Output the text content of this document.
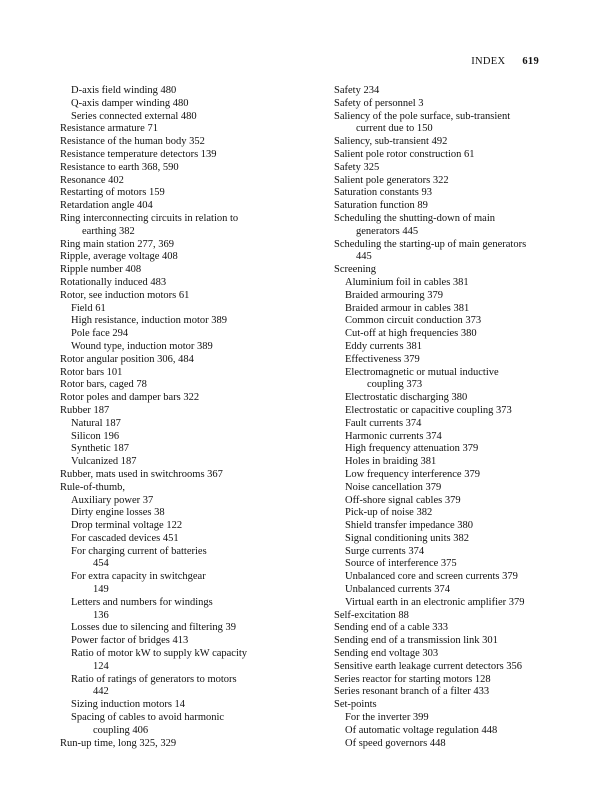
INDEX 619
D-axis field winding 480
Q-axis damper winding 480
Series connected external 480
Resistance armature 71
Resistance of the human body 352
Resistance temperature detectors 139
Resistance to earth 368, 590
Resonance 402
Restarting of motors 159
Retardation angle 404
Ring interconnecting circuits in relation to
earthing 382
Ring main station 277, 369
Ripple, average voltage 408
Ripple number 408
Rotationally induced 483
Rotor, see induction motors 61
Field 61
High resistance, induction motor 389
Pole face 294
Wound type, induction motor 389
Rotor angular position 306, 484
Rotor bars 101
Rotor bars, caged 78
Rotor poles and damper bars 322
Rubber 187
Natural 187
Silicon 196
Synthetic 187
Vulcanized 187
Rubber, mats used in switchrooms 367
Rule-of-thumb,
Auxiliary power 37
Dirty engine losses 38
Drop terminal voltage 122
For cascaded devices 451
For charging current of batteries
454
For extra capacity in switchgear
149
Letters and numbers for windings
136
Losses due to silencing and filtering 39
Power factor of bridges 413
Ratio of motor kW to supply kW capacity
124
Ratio of ratings of generators to motors
442
Sizing induction motors 14
Spacing of cables to avoid harmonic
coupling 406
Run-up time, long 325, 329
Safety 234
Safety of personnel 3
Saliency of the pole surface, sub-transient
current due to 150
Saliency, sub-transient 492
Salient pole rotor construction 61
Safety 325
Salient pole generators 322
Saturation constants 93
Saturation function 89
Scheduling the shutting-down of main
generators 445
Scheduling the starting-up of main generators
445
Screening
Aluminium foil in cables 381
Braided armouring 379
Braided armour in cables 381
Common circuit conduction 373
Cut-off at high frequencies 380
Eddy currents 381
Effectiveness 379
Electromagnetic or mutual inductive
coupling 373
Electrostatic discharging 380
Electrostatic or capacitive coupling 373
Fault currents 374
Harmonic currents 374
High frequency attenuation 379
Holes in braiding 381
Low frequency interference 379
Noise cancellation 379
Off-shore signal cables 379
Pick-up of noise 382
Shield transfer impedance 380
Signal conditioning units 382
Surge currents 374
Source of interference 375
Unbalanced core and screen currents 379
Unbalanced currents 374
Virtual earth in an electronic amplifier 379
Self-excitation 88
Sending end of a cable 333
Sending end of a transmission link 301
Sending end voltage 303
Sensitive earth leakage current detectors 356
Series reactor for starting motors 128
Series resonant branch of a filter 433
Set-points
For the inverter 399
Of automatic voltage regulation 448
Of speed governors 448
